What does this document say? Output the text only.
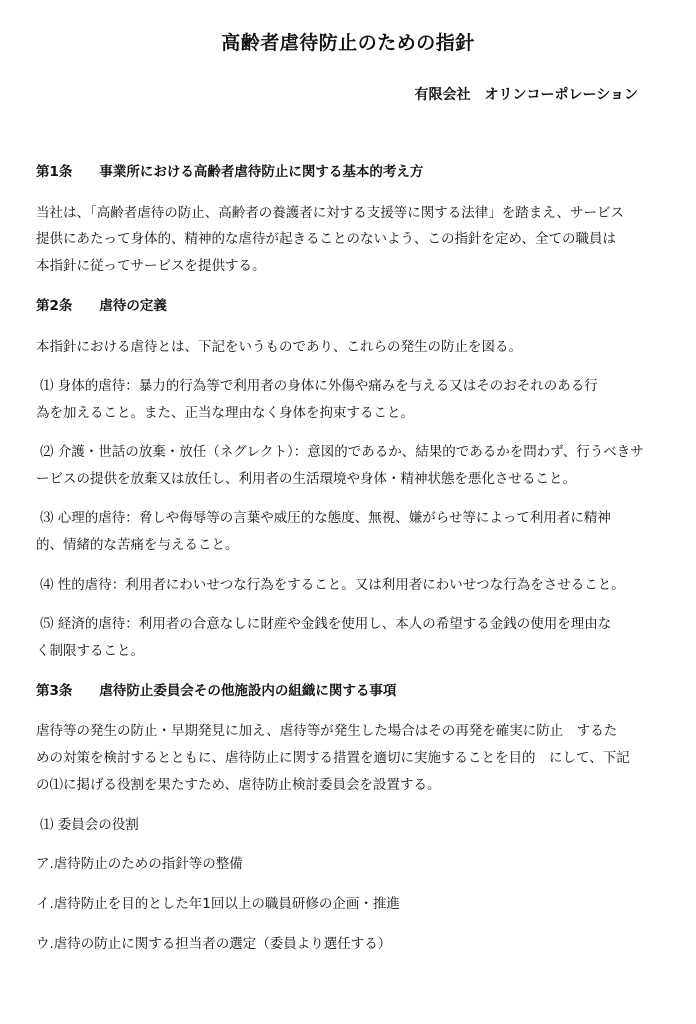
高齢者虐待防止のための指針
有限会社　オリンコーポレーション
第1条　　事業所における高齢者虐待防止に関する基本的考え方
当社は、「高齢者虐待の防止、高齢者の養護者に対する支援等に関する法律」を踏まえ、サービス
提供にあたって身体的、精神的な虐待が起きることのないよう、この指針を定め、全ての職員は
本指針に従ってサービスを提供する。
第2条　　虐待の定義
本指針における虐待とは、下記をいうものであり、これらの発生の防止を図る。
⑴ 身体的虐待：暴力的行為等で利用者の身体に外傷や痛みを与える又はそのおそれのある行
為を加えること。また、正当な理由なく身体を拘束すること。
⑵ 介護・世話の放棄・放任（ネグレクト）：意図的であるか、結果的であるかを問わず、行うべきサ
ービスの提供を放棄又は放任し、利用者の生活環境や身体・精神状態を悪化させること。
⑶ 心理的虐待：脅しや侮辱等の言葉や威圧的な態度、無視、嫌がらせ等によって利用者に精神
的、情緒的な苦痛を与えること。
⑷ 性的虐待：利用者にわいせつな行為をすること。又は利用者にわいせつな行為をさせること。
⑸ 経済的虐待：利用者の合意なしに財産や金銭を使用し、本人の希望する金銭の使用を理由な
く制限すること。
第3条　　虐待防止委員会その他施設内の組織に関する事項
虐待等の発生の防止・早期発見に加え、虐待等が発生した場合はその再発を確実に防止　するた
めの対策を検討するとともに、虐待防止に関する措置を適切に実施することを目的　にして、下記
の⑴に掲げる役割を果たすため、虐待防止検討委員会を設置する。
⑴ 委員会の役割
ア.虐待防止のための指針等の整備
イ.虐待防止を目的とした年1回以上の職員研修の企画・推進
ウ.虐待の防止に関する担当者の選定（委員より選任する）
